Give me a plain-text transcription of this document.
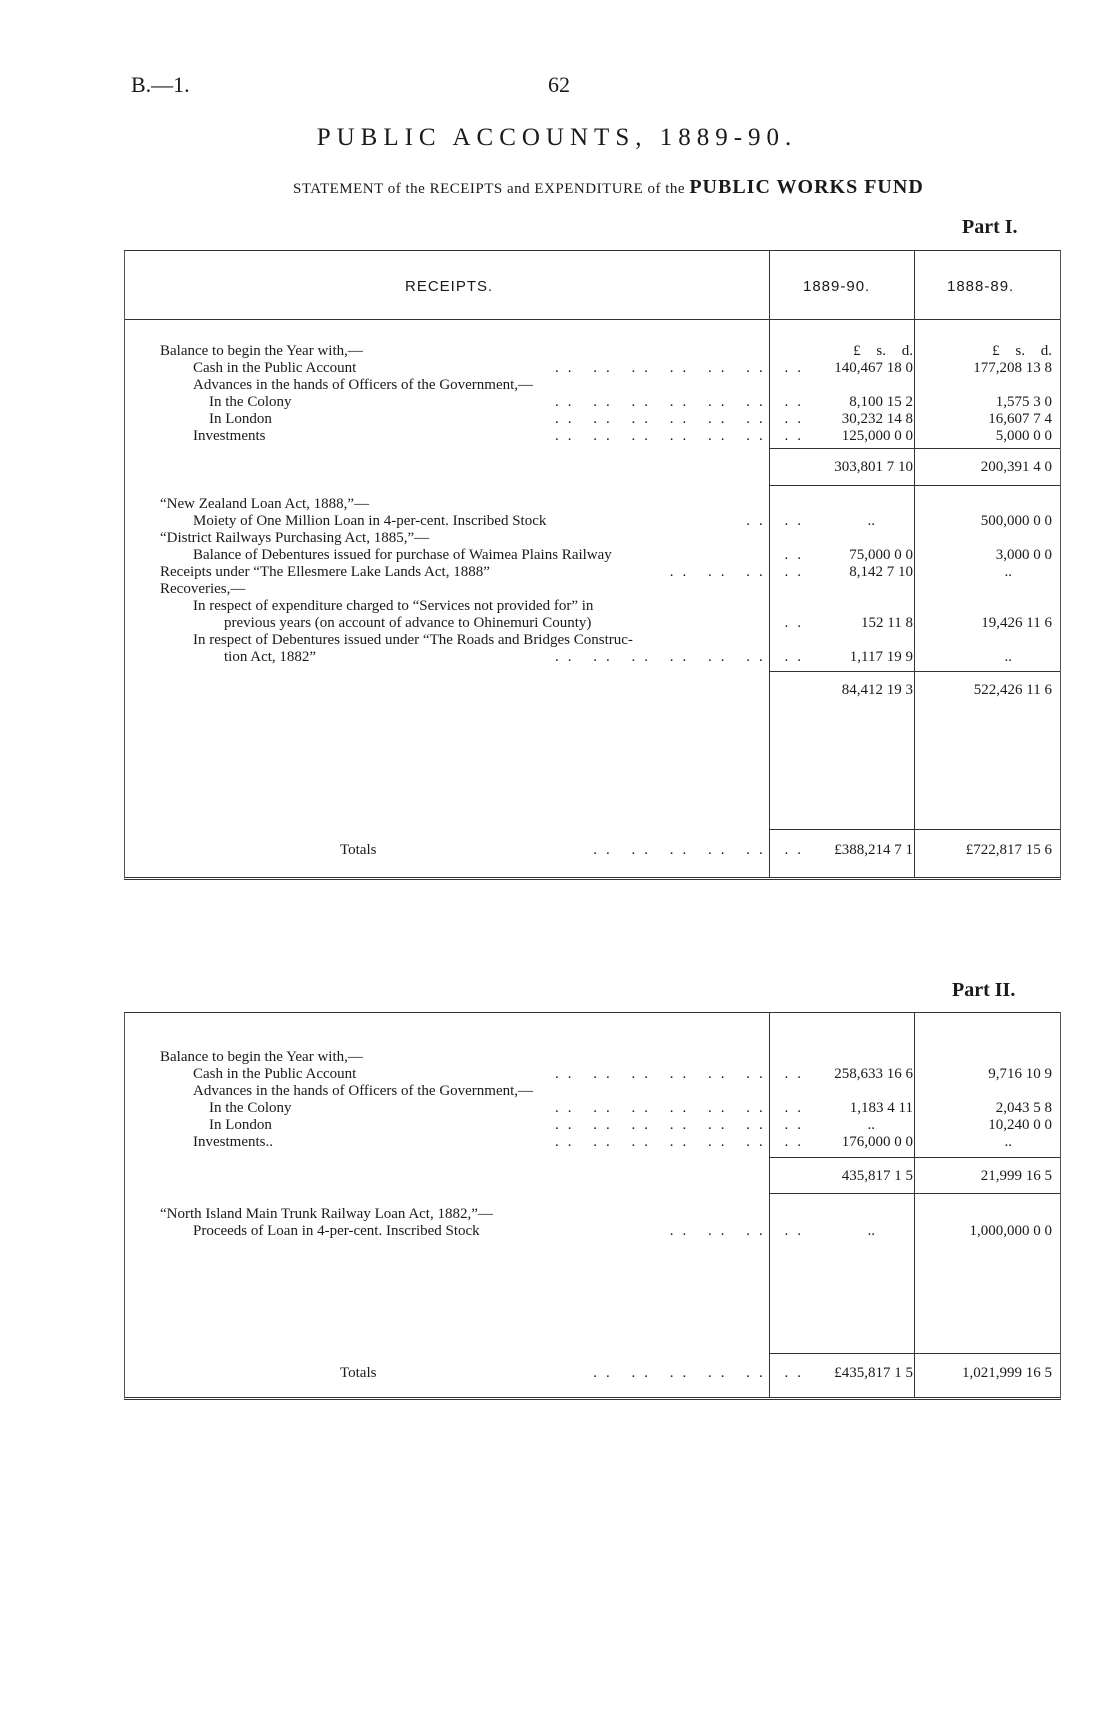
B.—1.	62
PUBLIC ACCOUNTS, 1889-90.
STATEMENT of the RECEIPTS and EXPENDITURE of the PUBLIC WORKS FUND
Part I.
RECEIPTS.	1889-90.	1888-89.
£ s. d.	£ s. d.
Balance to begin the Year with,—
Cash in the Public Account	.. .. .. .. .. .. ..	140,467 18 0	177,208 13 8
Advances in the hands of Officers of the Government,—
In the Colony	.. .. .. .. .. .. ..	8,100 15 2	1,575 3 0
In London	.. .. .. .. .. .. ..	30,232 14 8	16,607 7 4
Investments	.. .. .. .. .. .. ..	125,000 0 0	5,000 0 0
303,801 7 10	200,391 4 0
“New Zealand Loan Act, 1888,”—
Moiety of One Million Loan in 4-per-cent. Inscribed Stock	.. ..	..	500,000 0 0
“District Railways Purchasing Act, 1885,”—
Balance of Debentures issued for purchase of Waimea Plains Railway	..	75,000 0 0	3,000 0 0
Receipts under “The Ellesmere Lake Lands Act, 1888”	.. .. .. ..	8,142 7 10	..
Recoveries,—
In respect of expenditure charged to “Services not provided for” in
previous years (on account of advance to Ohinemuri County)	..	152 11 8	19,426 11 6
In respect of Debentures issued under “The Roads and Bridges Construc-
tion Act, 1882”	.. .. .. .. .. .. ..	1,117 19 9	..
84,412 19 3	522,426 11 6
Totals	.. .. .. .. .. ..	£388,214 7 1	£722,817 15 6
Part II.
Balance to begin the Year with,—
Cash in the Public Account	.. .. .. .. .. .. ..	258,633 16 6	9,716 10 9
Advances in the hands of Officers of the Government,—
In the Colony	.. .. .. .. .. .. ..	1,183 4 11	2,043 5 8
In London	.. .. .. .. .. .. ..	..	10,240 0 0
Investments..	.. .. .. .. .. .. ..	176,000 0 0	..
435,817 1 5	21,999 16 5
“North Island Main Trunk Railway Loan Act, 1882,”—
Proceeds of Loan in 4-per-cent. Inscribed Stock	.. .. .. ..	..	1,000,000 0 0
Totals	.. .. .. .. .. ..	£435,817 1 5	1,021,999 16 5
